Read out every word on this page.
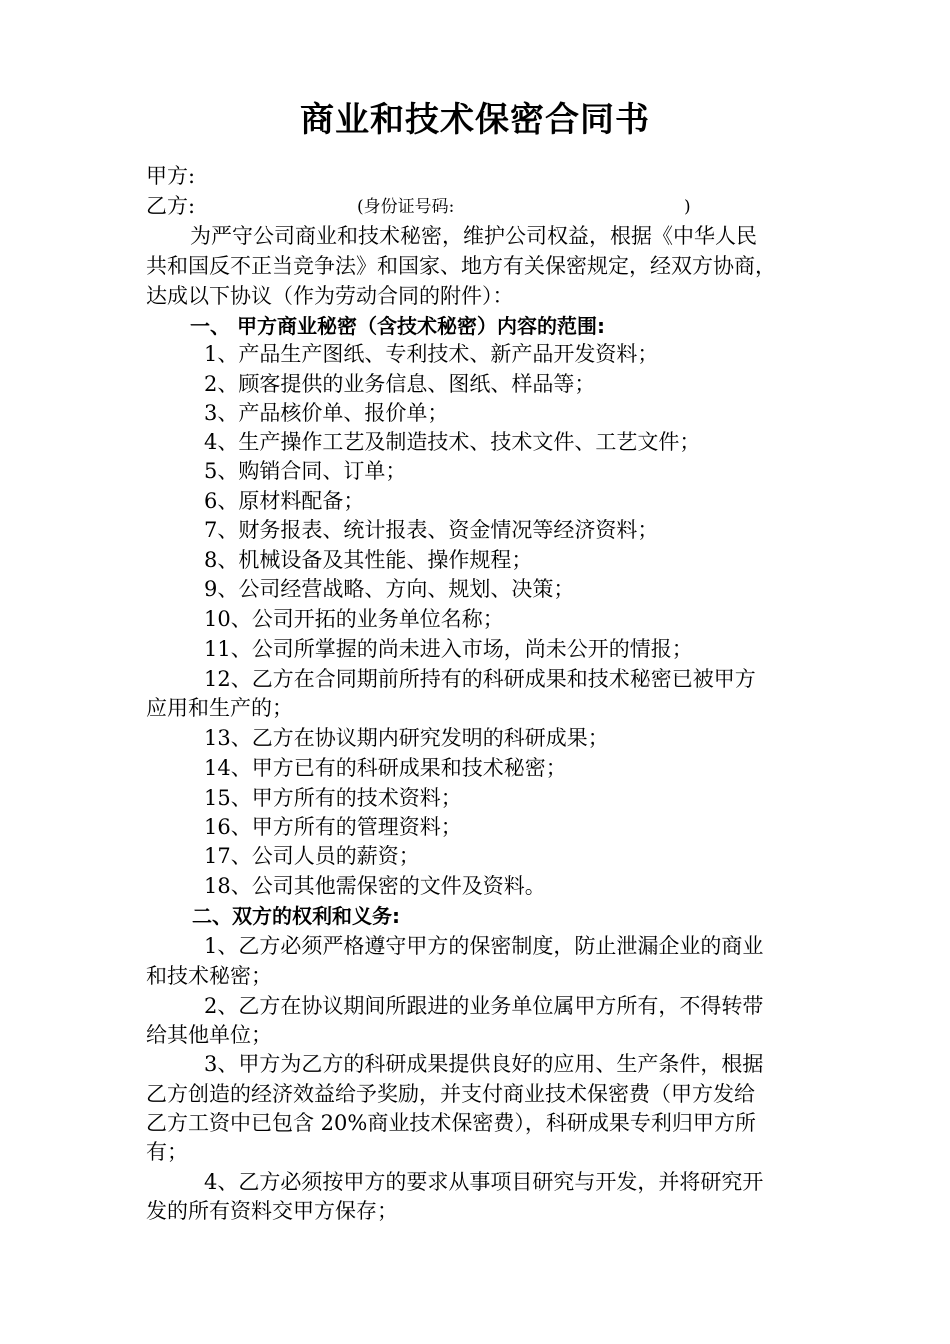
商业和技术保密合同书
甲方:
乙方:	(身份证号码:	)
为严守公司商业和技术秘密，维护公司权益，根据《中华人民
共和国反不正当竞争法》和国家、地方有关保密规定，经双方协商，
达成以下协议（作为劳动合同的附件）：
一、 甲方商业秘密（含技术秘密）内容的范围:
1、产品生产图纸、专利技术、新产品开发资料；
2、顾客提供的业务信息、图纸、样品等；
3、产品核价单、报价单；
4、生产操作工艺及制造技术、技术文件、工艺文件；
5、购销合同、订单；
6、原材料配备；
7、财务报表、统计报表、资金情况等经济资料；
8、机械设备及其性能、操作规程；
9、公司经营战略、方向、规划、决策；
10、公司开拓的业务单位名称；
11、公司所掌握的尚未进入市场，尚未公开的情报；
12、乙方在合同期前所持有的科研成果和技术秘密已被甲方
应用和生产的；
13、乙方在协议期内研究发明的科研成果；
14、甲方已有的科研成果和技术秘密；
15、甲方所有的技术资料；
16、甲方所有的管理资料；
17、公司人员的薪资；
18、公司其他需保密的文件及资料。
二、双方的权利和义务:
1、乙方必须严格遵守甲方的保密制度，防止泄漏企业的商业
和技术秘密；
2、乙方在协议期间所跟进的业务单位属甲方所有，不得转带
给其他单位；
3、甲方为乙方的科研成果提供良好的应用、生产条件，根据
乙方创造的经济效益给予奖励，并支付商业技术保密费（甲方发给
乙方工资中已包含 20%商业技术保密费），科研成果专利归甲方所
有；
4、乙方必须按甲方的要求从事项目研究与开发，并将研究开
发的所有资料交甲方保存；
